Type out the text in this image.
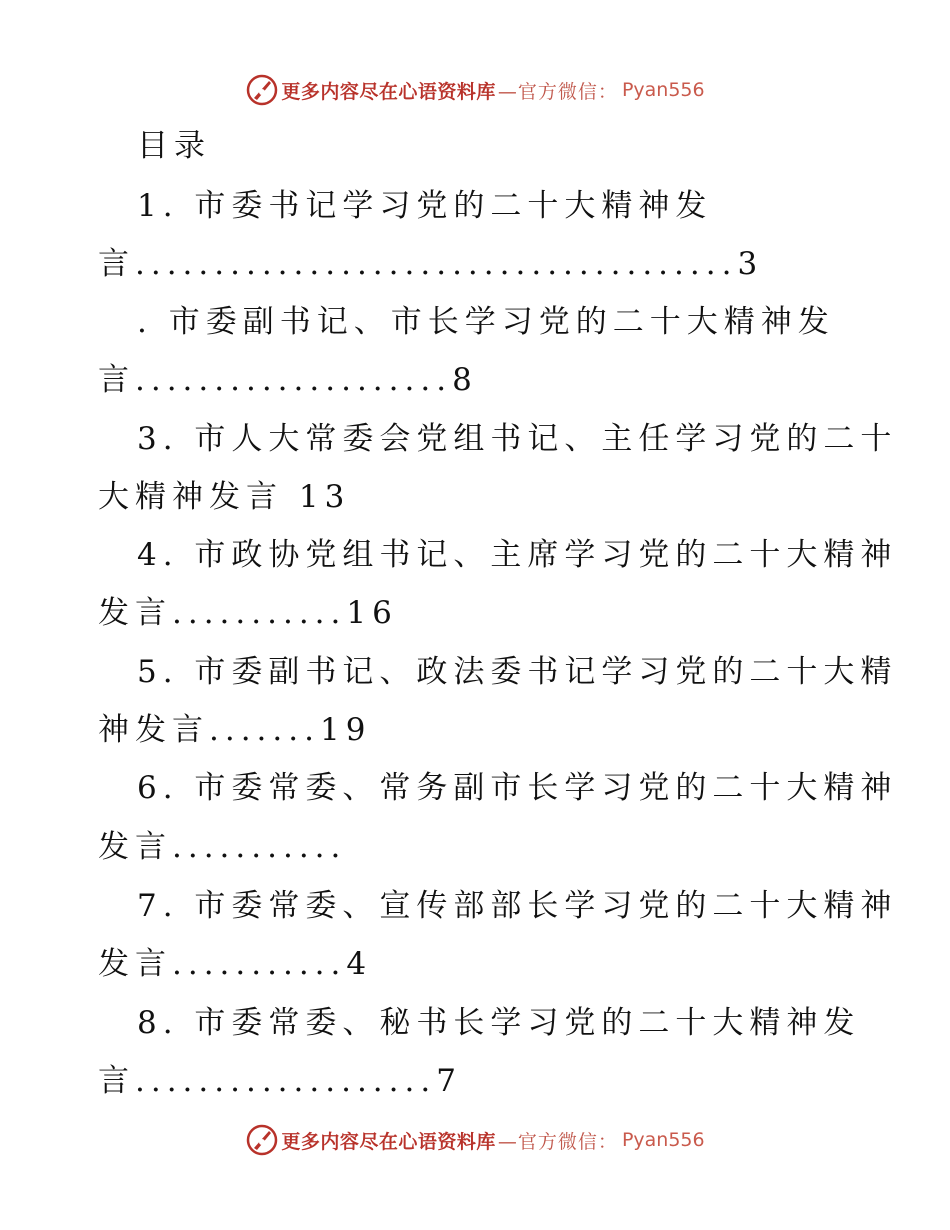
更多内容尽在心语资料库 —官方微信： Pyan556
目录
1. 市委书记学习党的二十大精神发
言......................................3
. 市委副书记、市长学习党的二十大精神发
言....................8
3. 市人大常委会党组书记、主任学习党的二十
大精神发言 13
4. 市政协党组书记、主席学习党的二十大精神
发言...........16
5. 市委副书记、政法委书记学习党的二十大精
神发言.......19
6. 市委常委、常务副市长学习党的二十大精神
发言...........
7. 市委常委、宣传部部长学习党的二十大精神
发言...........4
8. 市委常委、秘书长学习党的二十大精神发
言...................7
更多内容尽在心语资料库 —官方微信： Pyan556
